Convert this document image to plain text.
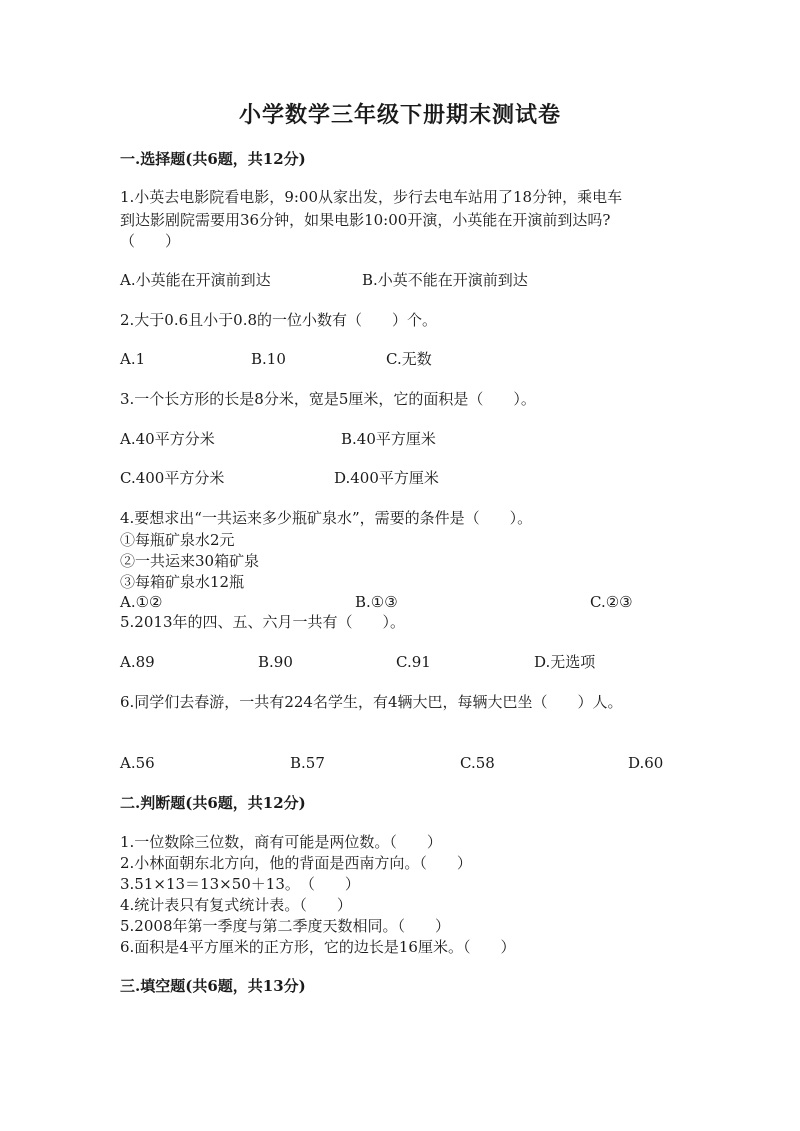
小学数学三年级下册期末测试卷
一.选择题(共6题，共12分)
1.小英去电影院看电影，9:00从家出发，步行去电车站用了18分钟，乘电车
到达影剧院需要用36分钟，如果电影10:00开演，小英能在开演前到达吗?
（　　）
A.小英能在开演前到达	B.小英不能在开演前到达
2.大于0.6且小于0.8的一位小数有（　　）个。
A.1	B.10	C.无数
3.一个长方形的长是8分米，宽是5厘米，它的面积是（　　）。
A.40平方分米	B.40平方厘米
C.400平方分米	D.400平方厘米
4.要想求出“一共运来多少瓶矿泉水”，需要的条件是（　　）。
①每瓶矿泉水2元
②一共运来30箱矿泉
③每箱矿泉水12瓶
A.①②	B.①③	C.②③
5.2013年的四、五、六月一共有（　　）。
A.89	B.90	C.91	D.无选项
6.同学们去春游，一共有224名学生，有4辆大巴，每辆大巴坐（　　）人。
A.56	B.57	C.58	D.60
二.判断题(共6题，共12分)
1.一位数除三位数，商有可能是两位数。（　　）
2.小林面朝东北方向，他的背面是西南方向。（　　）
3.51×13＝13×50＋13。　（　　）
4.统计表只有复式统计表。（　　）
5.2008年第一季度与第二季度天数相同。（　　）
6.面积是4平方厘米的正方形，它的边长是16厘米。（　　）
三.填空题(共6题，共13分)
